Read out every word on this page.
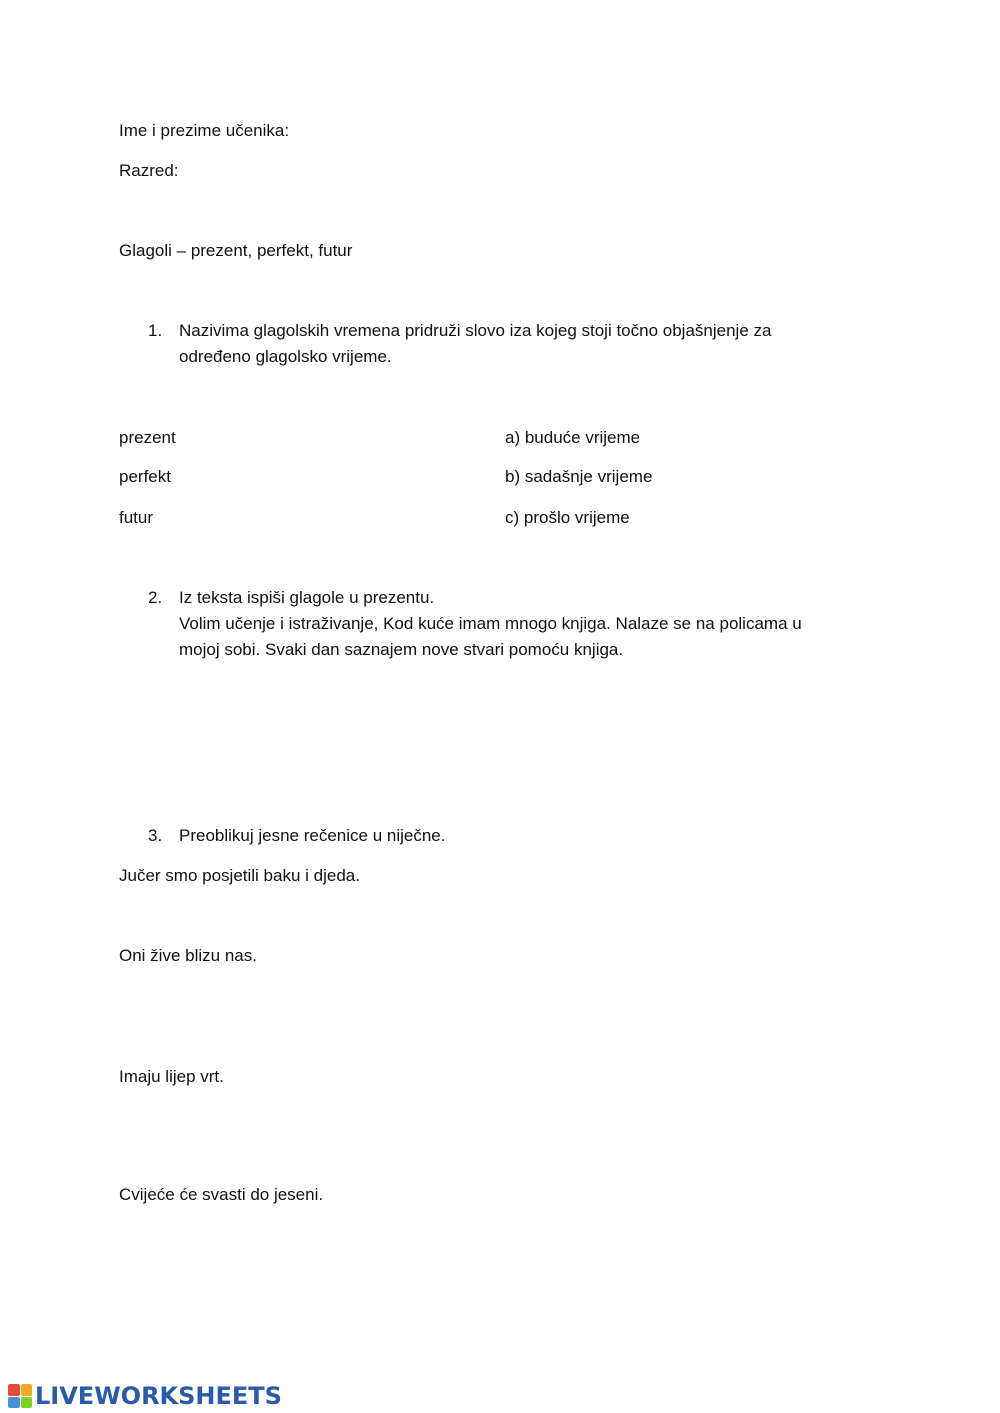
Ime i prezime učenika:
Razred:
Glagoli – prezent, perfekt, futur
1. Nazivima glagolskih vremena pridruži slovo iza kojeg stoji točno objašnjenje za
određeno glagolsko vrijeme.
prezent
perfekt
futur
a) buduće vrijeme
b) sadašnje vrijeme
c) prošlo vrijeme
2. Iz teksta ispiši glagole u prezentu.
Volim učenje i istraživanje, Kod kuće imam mnogo knjiga. Nalaze se na policama u
mojoj sobi. Svaki dan saznajem nove stvari pomoću knjiga.
3. Preoblikuj jesne rečenice u niječne.
Jučer smo posjetili baku i djeda.
Oni žive blizu nas.
Imaju lijep vrt.
Cvijeće će svasti do jeseni.
LIVEWORKSHEETS
